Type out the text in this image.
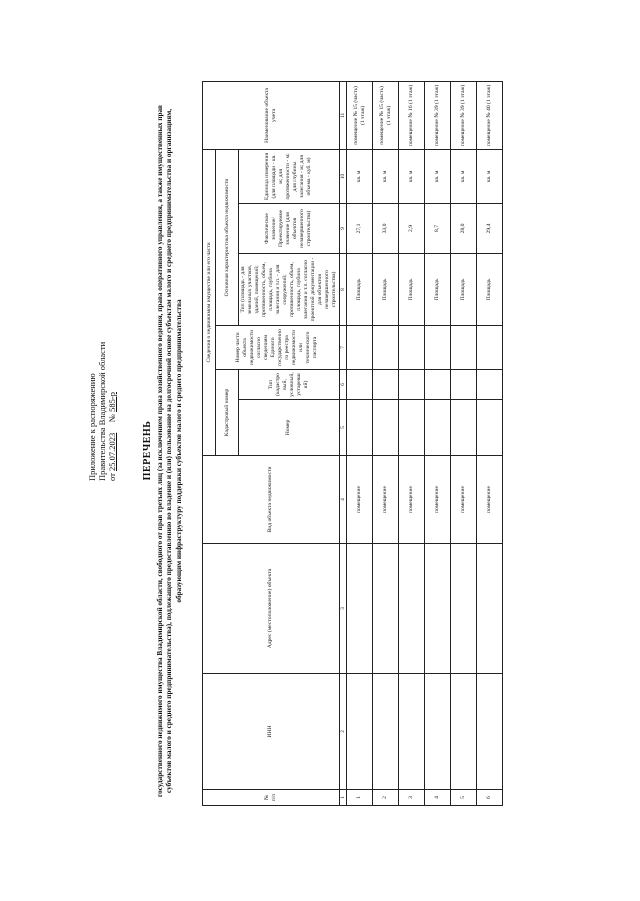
Приложение к распоряжению Правительства Владимирской области от 25.07.2023     № 585-р
ПЕРЕЧЕНЬ государственного недвижимого имущества Владимирской области, свободного от прав третьих лиц (за исключением права хозяйственного ведения, права оперативного управления, а также имущественных прав субъектов малого и среднего предпринимательства), подлежащего предоставлению во владение и (или) пользование на долгосрочной основе субъектам малого и среднего предпринимательства и организациям, образующим инфраструктуру поддержки субъектов малого и среднего предпринимательства
№ п/п	ИНН	Адрес (местоположение) объекта	Вид объекта недвижимости	Сведения о недвижимом имуществе или его части						Наименование объекта учета
				Кадастровый номер		Номер части объекта недвижимости согласно сведениям Единого государственного реестра недвижимости или технического паспорта	Основная характеристика объекта недвижимости			
							Тип (площадь - для земельных участков, зданий, помещений; протяженность, объем, площадь, глубина залегания и т.п. - для сооружений; протяженность, объем, площадь, глубина залегания и т.п. согласно проектной документации - для объектов незавершенного строительства)	Фактическое значение/ Проектируемое значение (для объектов незавершенного строительства)	Единица измерения (для площади - кв. м; для протяженности - м; для глубины залегания - м; для объема - куб. м)	
				Номер	Тип (кадастровый, условный, устаревший)					
1	2	3	4	5	6	7	8	9	10	11
1			помещение				Площадь	27,1	кв. м	помещение № 15 (часть) (1 этаж)
2			помещение				Площадь	33,0	кв. м	помещение № 15 (часть) (1 этаж)
3			помещение				Площадь	2,9	кв. м	помещение № 16 (1 этаж)
4			помещение				Площадь	8,7	кв. м	помещение № 39 (1 этаж)
5			помещение				Площадь	28,0	кв. м	помещение № 39 (1 этаж)
6			помещение				Площадь	29,4	кв. м	помещение № 40 (1 этаж)
